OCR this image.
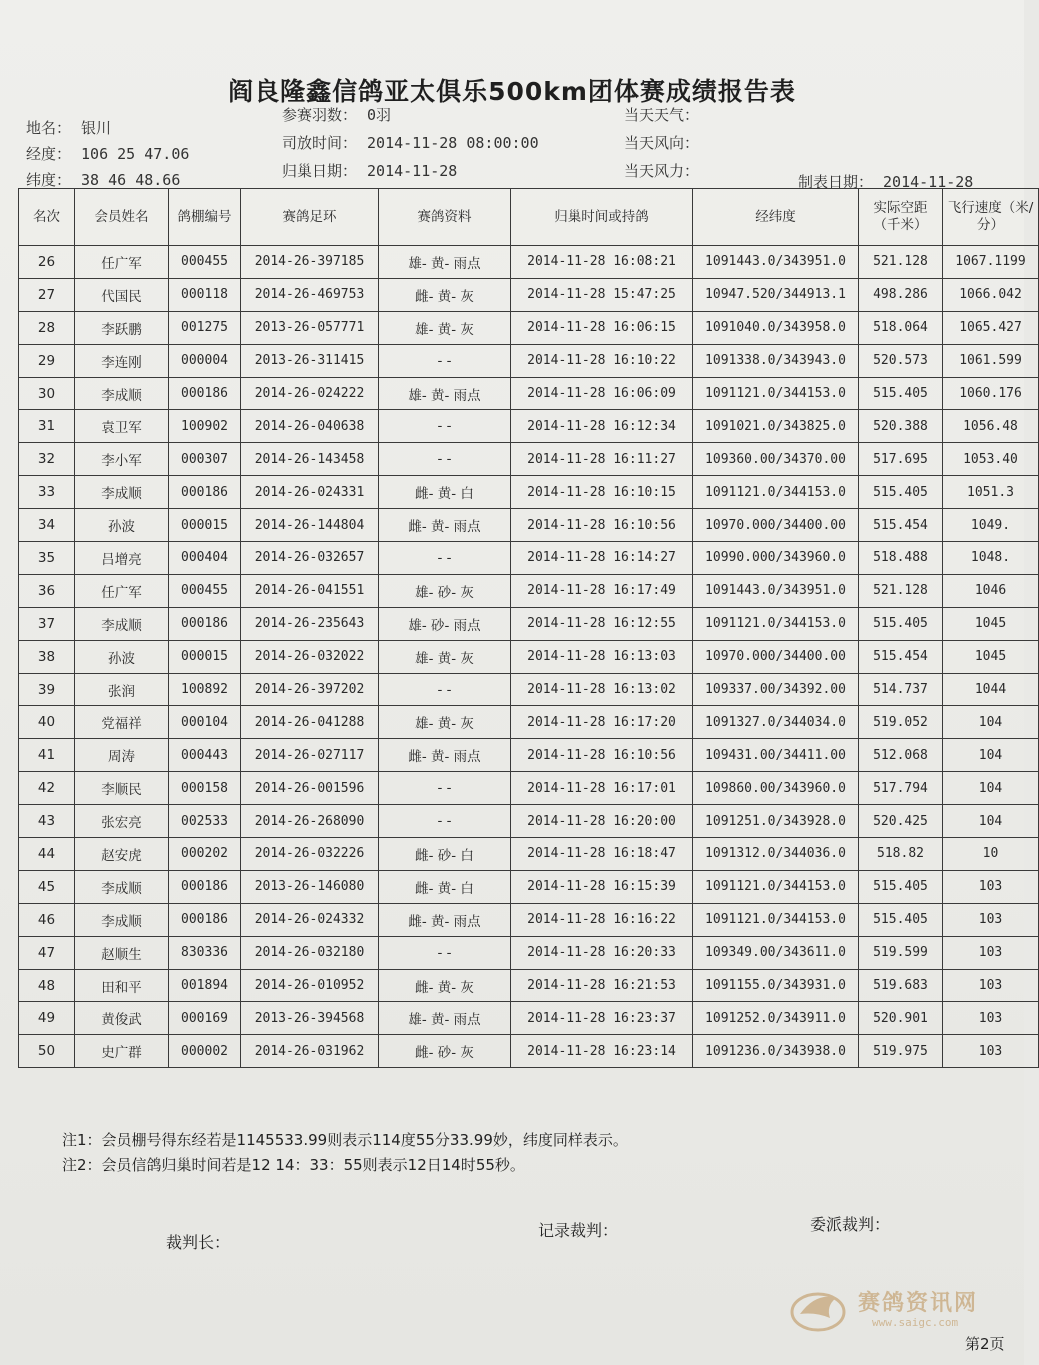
阎良隆鑫信鸽亚太俱乐500km团体赛成绩报告表
地名： 银川
经度： 106 25 47.06
纬度： 38 46 48.66
参赛羽数： 0羽
司放时间： 2014-11-28 08:00:00
归巢日期： 2014-11-28
当天天气：
当天风向：
当天风力：
制表日期： 2014-11-28
名次	会员姓名	鸽棚编号	赛鸽足环	赛鸽资料	归巢时间或持鸽	经纬度	实际空距（千米）	飞行速度（米/分）
26	任广军	000455	2014-26-397185	雄- 黄- 雨点	2014-11-28 16:08:21	1091443.0/343951.0	521.128	1067.1199
27	代国民	000118	2014-26-469753	雌- 黄- 灰	2014-11-28 15:47:25	10947.520/344913.1	498.286	1066.042
28	李跃鹏	001275	2013-26-057771	雄- 黄- 灰	2014-11-28 16:06:15	1091040.0/343958.0	518.064	1065.427
29	李连刚	000004	2013-26-311415	- -	2014-11-28 16:10:22	1091338.0/343943.0	520.573	1061.599
30	李成顺	000186	2014-26-024222	雄- 黄- 雨点	2014-11-28 16:06:09	1091121.0/344153.0	515.405	1060.176
31	袁卫军	100902	2014-26-040638	- -	2014-11-28 16:12:34	1091021.0/343825.0	520.388	1056.48
32	李小军	000307	2014-26-143458	- -	2014-11-28 16:11:27	109360.00/34370.00	517.695	1053.40
33	李成顺	000186	2014-26-024331	雌- 黄- 白	2014-11-28 16:10:15	1091121.0/344153.0	515.405	1051.3
34	孙波	000015	2014-26-144804	雌- 黄- 雨点	2014-11-28 16:10:56	10970.000/34400.00	515.454	1049.
35	吕增亮	000404	2014-26-032657	- -	2014-11-28 16:14:27	10990.000/343960.0	518.488	1048.
36	任广军	000455	2014-26-041551	雄- 砂- 灰	2014-11-28 16:17:49	1091443.0/343951.0	521.128	1046
37	李成顺	000186	2014-26-235643	雄- 砂- 雨点	2014-11-28 16:12:55	1091121.0/344153.0	515.405	1045
38	孙波	000015	2014-26-032022	雄- 黄- 灰	2014-11-28 16:13:03	10970.000/34400.00	515.454	1045
39	张润	100892	2014-26-397202	- -	2014-11-28 16:13:02	109337.00/34392.00	514.737	1044
40	党福祥	000104	2014-26-041288	雄- 黄- 灰	2014-11-28 16:17:20	1091327.0/344034.0	519.052	104
41	周涛	000443	2014-26-027117	雌- 黄- 雨点	2014-11-28 16:10:56	109431.00/34411.00	512.068	104
42	李顺民	000158	2014-26-001596	- -	2014-11-28 16:17:01	109860.00/343960.0	517.794	104
43	张宏亮	002533	2014-26-268090	- -	2014-11-28 16:20:00	1091251.0/343928.0	520.425	104
44	赵安虎	000202	2014-26-032226	雌- 砂- 白	2014-11-28 16:18:47	1091312.0/344036.0	518.82	10
45	李成顺	000186	2013-26-146080	雌- 黄- 白	2014-11-28 16:15:39	1091121.0/344153.0	515.405	103
46	李成顺	000186	2014-26-024332	雌- 黄- 雨点	2014-11-28 16:16:22	1091121.0/344153.0	515.405	103
47	赵顺生	830336	2014-26-032180	- -	2014-11-28 16:20:33	109349.00/343611.0	519.599	103
48	田和平	001894	2014-26-010952	雌- 黄- 灰	2014-11-28 16:21:53	1091155.0/343931.0	519.683	103
49	黄俊武	000169	2013-26-394568	雄- 黄- 雨点	2014-11-28 16:23:37	1091252.0/343911.0	520.901	103
50	史广群	000002	2014-26-031962	雌- 砂- 灰	2014-11-28 16:23:14	1091236.0/343938.0	519.975	103
注1：会员棚号得东经若是1145533.99则表示114度55分33.99妙，纬度同样表示。
注2：会员信鸽归巢时间若是12 14：33：55则表示12日14时55秒。
裁判长：
记录裁判：	委派裁判：
赛鸽资讯网
www.saigc.com
第2页
